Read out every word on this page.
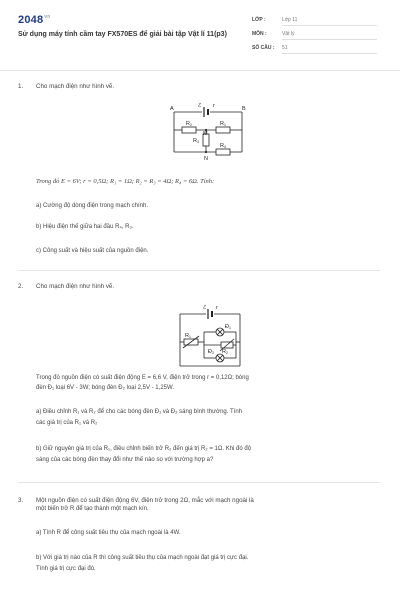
$2048^{vn}$
Sử dụng máy tính cầm tay FX570ES để giải bài tập Vật lí 11(p3)
LỚP :	Lớp 11
MÔN :	Vật lý
SỐ CÂU : 51
1. Cho mạch điện như hình vẽ.
A	B
ℰ r
R2	R1
M
R3
R4
N
Trong đó E = 6V; r = 0,5Ω; R₁ = 1Ω; R₂ = R₃ = 4Ω; R₄ = 6Ω. Tính:
a) Cường độ dòng điện trong mạch chính.
b) Hiệu điện thế giữa hai đầu R₄, R₃.
c) Công suất và hiệu suất của nguồn điện.
2. Cho mạch điện như hình vẽ.
ℰ r
Đ1
R1
Đ2 R2
Trong đó nguồn điện có suất điện động E = 6,6 V, điện trở trong r = 0,12Ω; bóng
đèn Đ₁ loại 6V - 3W; bóng đèn Đ₂ loại 2,5V - 1,25W.
a) Điều chỉnh R₁ và R₂ để cho các bóng đèn Đ₁ và Đ₂ sáng bình thường. Tính
các giá trị của R₁ và R₂
b) Giữ nguyên giá trị của R₁, điều chỉnh biến trở R₂ đến giá trị R₂ = 1Ω. Khi đó độ
sáng của các bóng đèn thay đổi như thế nào so với trường hợp a?
3. Một nguồn điện có suất điện động 6V, điện trở trong 2Ω, mắc với mạch ngoài là
một biến trở R để tạo thành một mạch kín.
a) Tính R để công suất tiêu thụ của mạch ngoài là 4W.
b) Với giá trị nào của R thì công suất tiêu thụ của mạch ngoài đạt giá trị cực đại.
Tính giá trị cực đại đó.
